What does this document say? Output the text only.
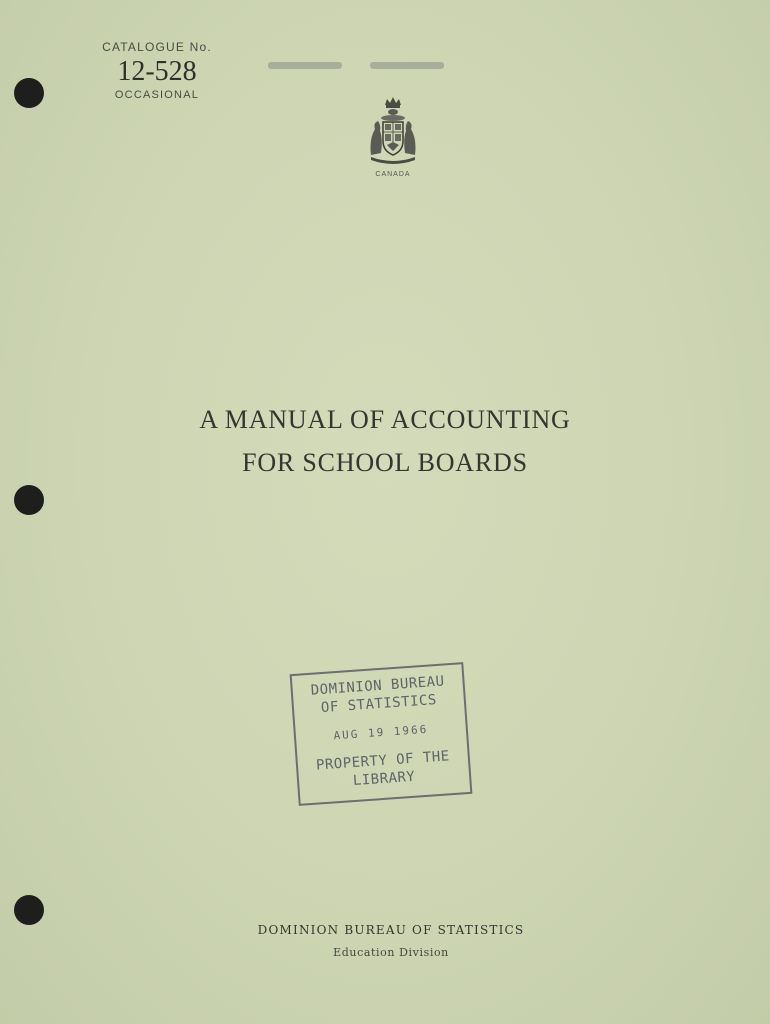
CATALOGUE No.
12-528
OCCASIONAL
CANADA
A MANUAL OF ACCOUNTING
FOR SCHOOL BOARDS
DOMINION BUREAU
OF STATISTICS
AUG 19 1966
PROPERTY OF THE
LIBRARY
DOMINION BUREAU OF STATISTICS
Education Division
